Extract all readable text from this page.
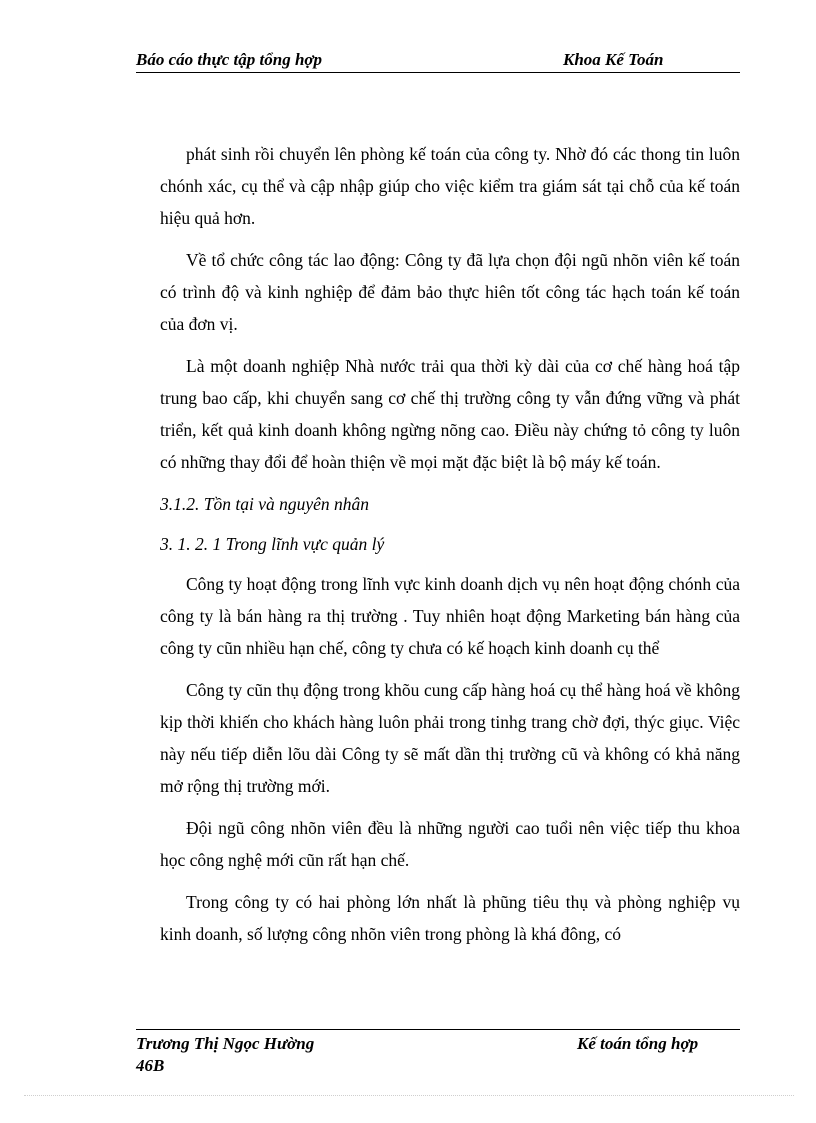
Báo cáo thực tập tổng hợp	Khoa Kế Toán

phát sinh rồi chuyển lên phòng kế toán của công ty. Nhờ đó các thong tin luôn chónh xác, cụ thể và cập nhập giúp cho việc kiểm tra giám sát tại chỗ của kế toán hiệu quả hơn.

Về tổ chức công tác lao động: Công ty đã lựa chọn đội ngũ nhõn viên kế toán có trình độ và kinh nghiệp để đảm bảo thực hiên tốt công tác hạch toán kế toán của đơn vị.

Là một doanh nghiệp Nhà nước trải qua thời kỳ dài của cơ chế hàng hoá tập trung bao cấp, khi chuyển sang cơ chế thị trường công ty vẫn đứng vững và phát triển, kết quả kinh doanh không ngừng nõng cao. Điều này chứng tỏ công ty luôn có những thay đổi để hoàn thiện về mọi mặt đặc biệt là bộ máy kế toán.

3.1.2. Tồn tại và nguyên nhân

3. 1. 2. 1 Trong lĩnh vực quản lý

Công ty hoạt động trong lĩnh vực kinh doanh dịch vụ nên hoạt động chónh của công ty là bán hàng ra thị trường . Tuy nhiên hoạt động Marketing bán hàng của công ty cũn nhiều hạn chế, công ty chưa có kế hoạch kinh doanh cụ thể

Công ty cũn thụ động trong khõu cung cấp hàng hoá cụ thể hàng hoá về không kịp thời khiến cho khách hàng luôn phải trong tinhg trang chờ đợi, thýc giục. Việc này nếu tiếp diễn lõu dài Công ty sẽ mất dần thị trường cũ và không có khả năng mở rộng thị trường mới.

Đội ngũ công nhõn viên đều là những người cao tuổi nên việc tiếp thu khoa học công nghệ mới cũn rất hạn chế.

Trong công ty có hai phòng lớn nhất là phũng tiêu thụ và phòng nghiệp vụ kinh doanh, số lượng công nhõn viên trong phòng là khá đông, có

Trương Thị Ngọc Hường	Kế toán tổng hợp
46B
